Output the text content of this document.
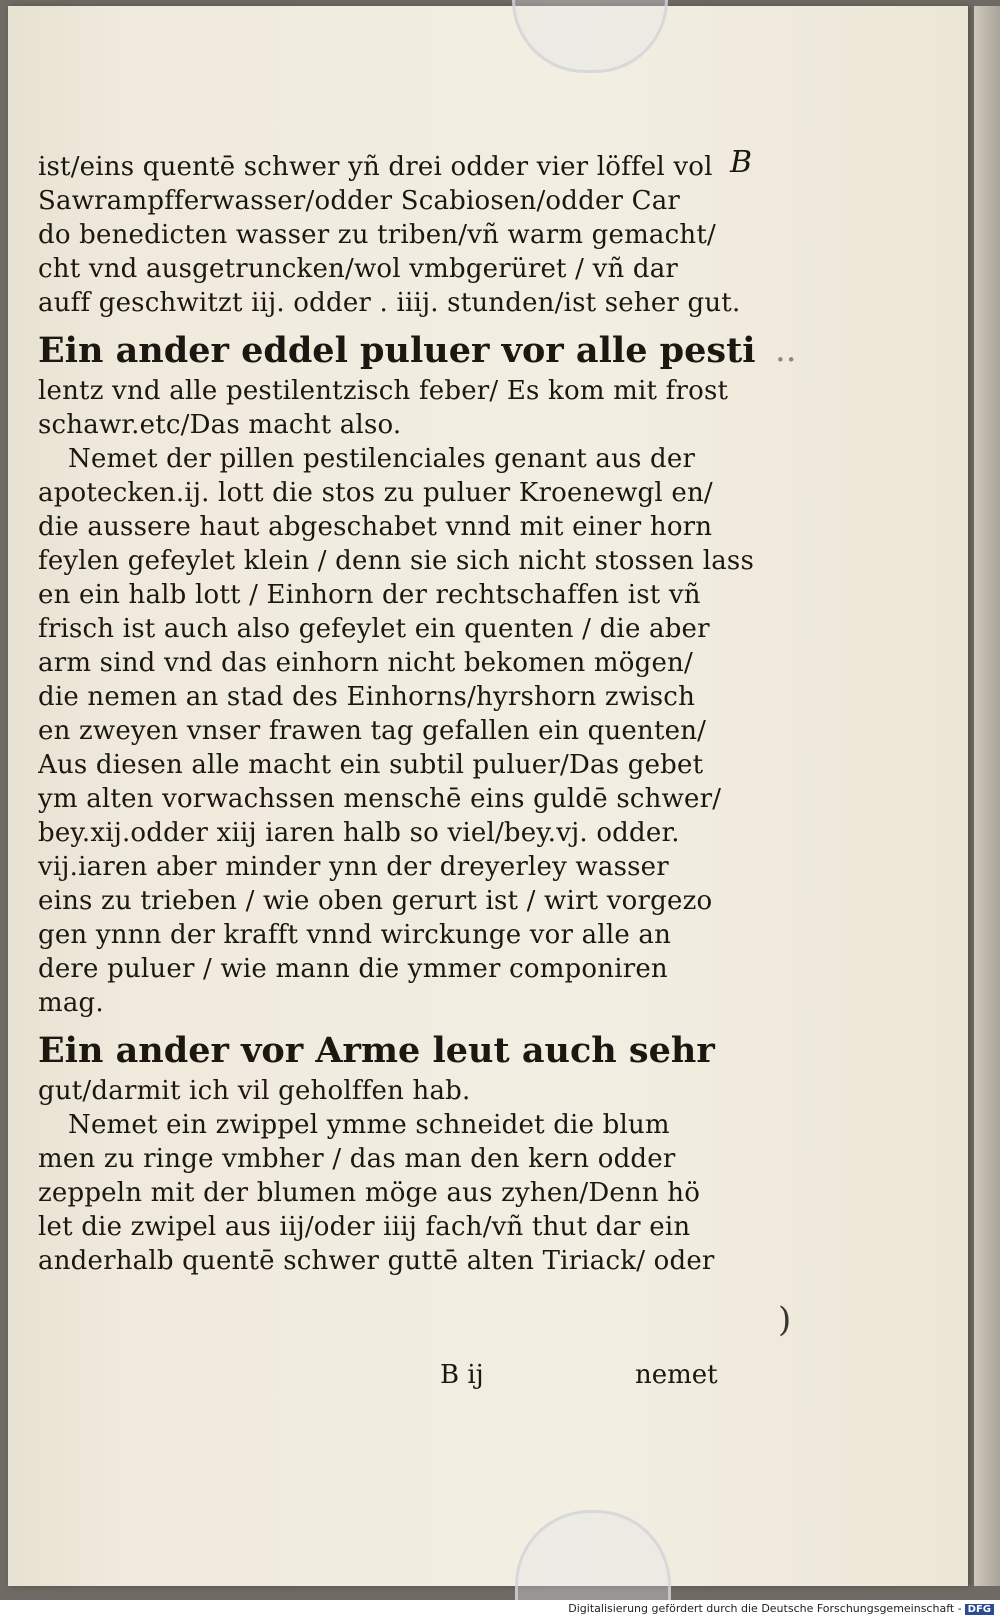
B
ist/eins quentē schwer yñ drei odder vier löffel vol
Sawrampfferwasser/odder Scabiosen/odder Car
do benedicten wasser zu triben/vñ warm gemacht/
cht vnd ausgetruncken/wol vmbgerüret / vñ dar
auff geschwitzt iij. odder . iiij. stunden/ist seher gut.
Ein ander eddel puluer vor alle pesti
lentz vnd alle pestilentzisch feber/ Es kom mit frost
schawr.etc/Das macht also.
Nemet der pillen pestilenciales genant aus der
apotecken.ij. lott die stos zu puluer Kroenewgl en/
die aussere haut abgeschabet vnnd mit einer horn
feylen gefeylet klein / denn sie sich nicht stossen lass
en ein halb lott / Einhorn der rechtschaffen ist vñ
frisch ist auch also gefeylet ein quenten / die aber
arm sind vnd das einhorn nicht bekomen mögen/
die nemen an stad des Einhorns/hyrshorn zwisch
en zweyen vnser frawen tag gefallen ein quenten/
Aus diesen alle macht ein subtil puluer/Das gebet
ym alten vorwachssen menschē eins guldē schwer/
bey.xij.odder xiij iaren halb so viel/bey.vj. odder.
vij.iaren aber minder ynn der dreyerley wasser
eins zu trieben / wie oben gerurt ist / wirt vorgezo
gen ynnn der krafft vnnd wirckunge vor alle an
dere puluer / wie mann die ymmer componiren
mag.
Ein ander vor Arme leut auch sehr
gut/darmit ich vil geholffen hab.
Nemet ein zwippel ymme schneidet die blum
men zu ringe vmbher / das man den kern odder
zeppeln mit der blumen möge aus zyhen/Denn hö
let die zwipel aus iij/oder iiij fach/vñ thut dar ein
anderhalb quentē schwer guttē alten Tiriack/ oder
..
)
B ij	nemet
Digitalisierung gefördert durch die Deutsche Forschungsgemeinschaft - DFG
